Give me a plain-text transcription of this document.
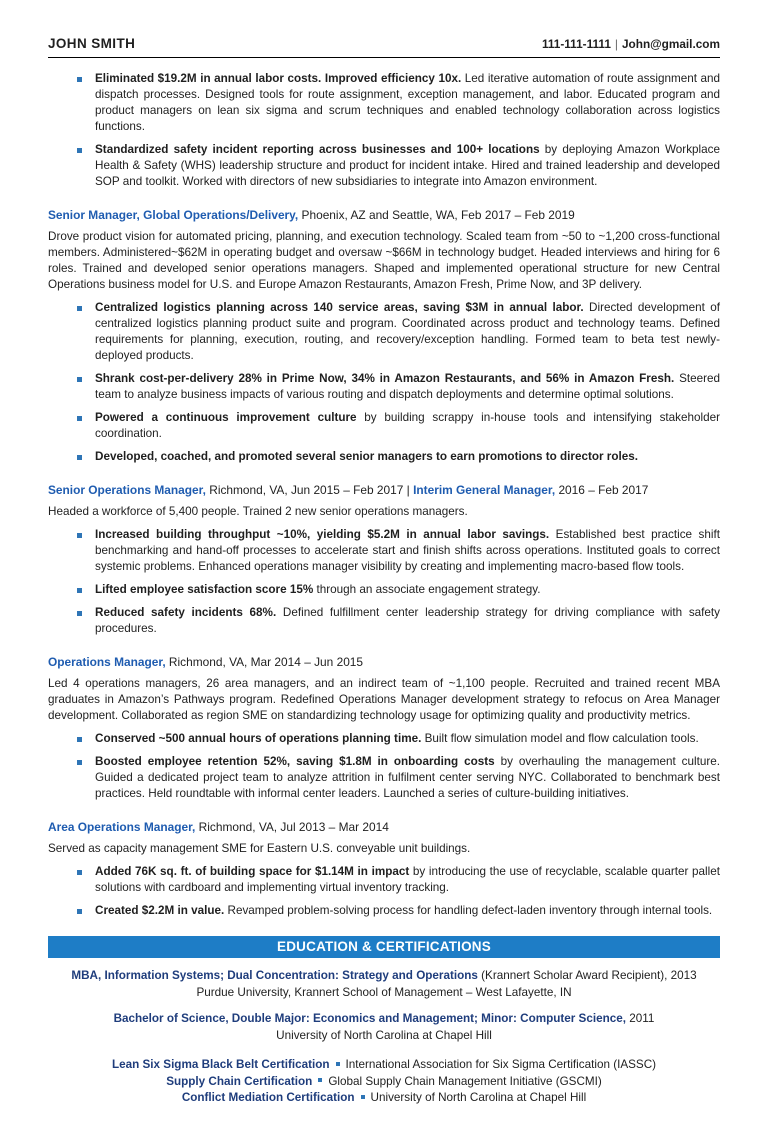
JOHN SMITH	111-111-1111 | John@gmail.com
Eliminated $19.2M in annual labor costs. Improved efficiency 10x. Led iterative automation of route assignment and dispatch processes. Designed tools for route assignment, exception management, and labor. Educated program and product managers on lean six sigma and scrum techniques and enabled technology collaboration across logistics functions.
Standardized safety incident reporting across businesses and 100+ locations by deploying Amazon Workplace Health & Safety (WHS) leadership structure and product for incident intake. Hired and trained leadership and developed SOP and toolkit. Worked with directors of new subsidiaries to integrate into Amazon environment.
Senior Manager, Global Operations/Delivery, Phoenix, AZ and Seattle, WA, Feb 2017 – Feb 2019

Drove product vision for automated pricing, planning, and execution technology. Scaled team from ~50 to ~1,200 cross-functional members. Administered~$62M in operating budget and oversaw ~$66M in technology budget. Headed interviews and hiring for 6 roles. Trained and developed senior operations managers. Shaped and implemented operational structure for new Central Operations business model for U.S. and Europe Amazon Restaurants, Amazon Fresh, Prime Now, and 3P delivery.

Centralized logistics planning across 140 service areas, saving $3M in annual labor. Directed development of centralized logistics planning product suite and program. Coordinated across product and technology teams. Defined requirements for planning, execution, routing, and recovery/exception handling. Formed team to beta test newly-deployed products.
Shrank cost-per-delivery 28% in Prime Now, 34% in Amazon Restaurants, and 56% in Amazon Fresh. Steered team to analyze business impacts of various routing and dispatch deployments and determine optimal solutions.
Powered a continuous improvement culture by building scrappy in-house tools and intensifying stakeholder coordination.
Developed, coached, and promoted several senior managers to earn promotions to director roles.
Senior Operations Manager, Richmond, VA, Jun 2015 – Feb 2017 | Interim General Manager, 2016 – Feb 2017

Headed a workforce of 5,400 people. Trained 2 new senior operations managers.

Increased building throughput ~10%, yielding $5.2M in annual labor savings. Established best practice shift benchmarking and hand-off processes to accelerate start and finish shifts across operations. Instituted goals to correct systemic problems. Enhanced operations manager visibility by creating and implementing macro-based flow tools.
Lifted employee satisfaction score 15% through an associate engagement strategy.
Reduced safety incidents 68%. Defined fulfillment center leadership strategy for driving compliance with safety procedures.
Operations Manager, Richmond, VA, Mar 2014 – Jun 2015

Led 4 operations managers, 26 area managers, and an indirect team of ~1,100 people. Recruited and trained recent MBA graduates in Amazon’s Pathways program. Redefined Operations Manager development strategy to refocus on Area Manager development. Collaborated as region SME on standardizing technology usage for optimizing quality and productivity metrics.

Conserved ~500 annual hours of operations planning time. Built flow simulation model and flow calculation tools.
Boosted employee retention 52%, saving $1.8M in onboarding costs by overhauling the management culture. Guided a dedicated project team to analyze attrition in fulfilment center serving NYC. Collaborated to benchmark best practices. Held roundtable with informal center leaders. Launched a series of culture-building initiatives.
Area Operations Manager, Richmond, VA, Jul 2013 – Mar 2014

Served as capacity management SME for Eastern U.S. conveyable unit buildings.

Added 76K sq. ft. of building space for $1.14M in impact by introducing the use of recyclable, scalable quarter pallet solutions with cardboard and implementing virtual inventory tracking.
Created $2.2M in value. Revamped problem-solving process for handling defect-laden inventory through internal tools.
EDUCATION & CERTIFICATIONS
MBA, Information Systems; Dual Concentration: Strategy and Operations (Krannert Scholar Award Recipient), 2013
Purdue University, Krannert School of Management – West Lafayette, IN
Bachelor of Science, Double Major: Economics and Management; Minor: Computer Science, 2011
University of North Carolina at Chapel Hill
Lean Six Sigma Black Belt Certification International Association for Six Sigma Certification (IASSC)
Supply Chain Certification Global Supply Chain Management Initiative (GSCMI)
Conflict Mediation Certification University of North Carolina at Chapel Hill
